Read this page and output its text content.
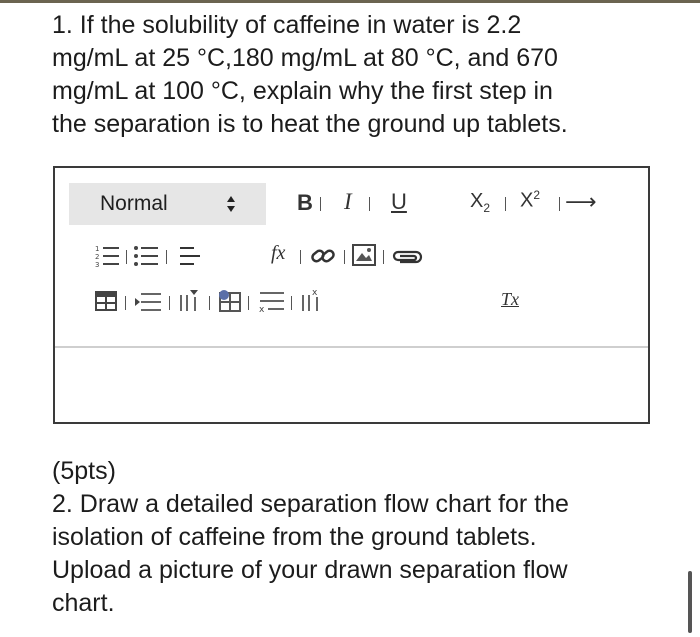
1. If the solubility of caffeine in water is 2.2
mg/mL at 25 °C,180 mg/mL at 80 °C, and 670
mg/mL at 100 °C, explain why the first step in
the separation is to heat the ground up tablets.

Normal	B I U	$X_2$ $X^2$ ⟶
1
2
3
fx
x
x	Tx

(5pts)
2. Draw a detailed separation flow chart for the
isolation of caffeine from the ground tablets.
Upload a picture of your drawn separation flow
chart.
